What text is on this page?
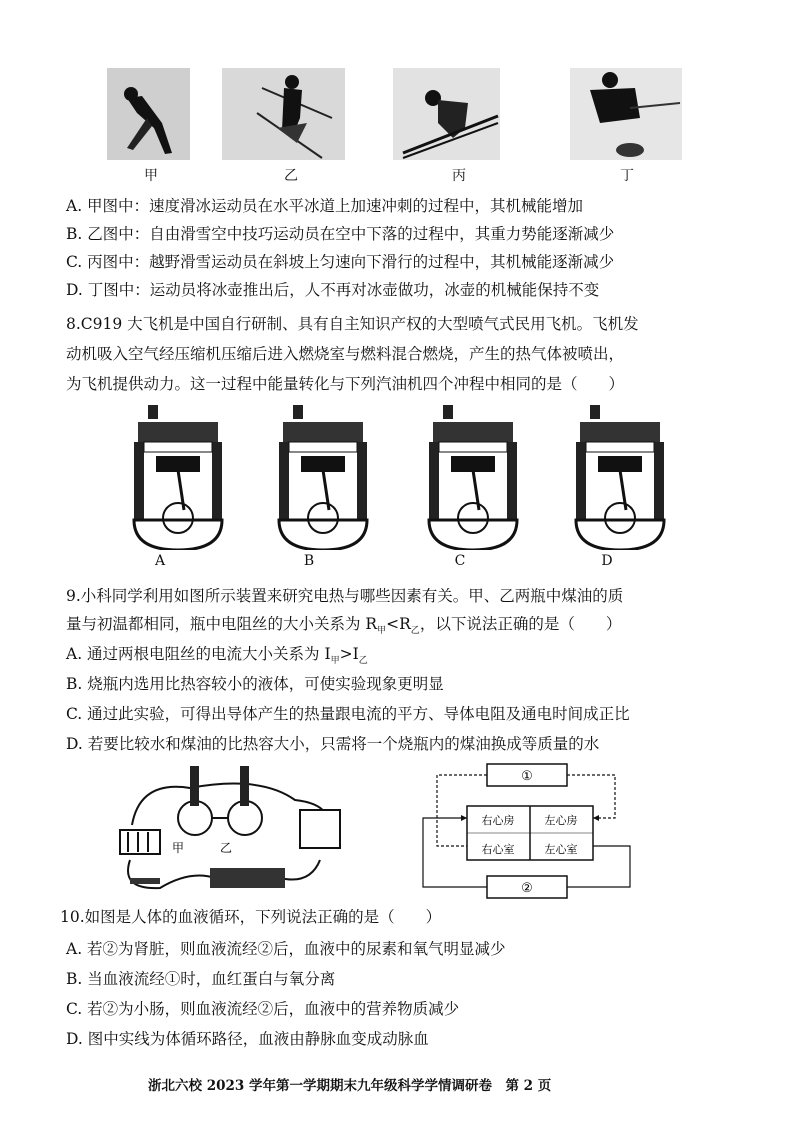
甲	乙	丙	丁
A. 甲图中：速度滑冰运动员在水平冰道上加速冲刺的过程中，其机械能增加
B. 乙图中：自由滑雪空中技巧运动员在空中下落的过程中，其重力势能逐渐减少
C. 丙图中：越野滑雪运动员在斜坡上匀速向下滑行的过程中，其机械能逐渐减少
D. 丁图中：运动员将冰壶推出后，人不再对冰壶做功，冰壶的机械能保持不变
8.C919 大飞机是中国自行研制、具有自主知识产权的大型喷气式民用飞机。飞机发
动机吸入空气经压缩机压缩后进入燃烧室与燃料混合燃烧，产生的热气体被喷出，
为飞机提供动力。这一过程中能量转化与下列汽油机四个冲程中相同的是（　　）
A	B	C	D
9.小科同学利用如图所示装置来研究电热与哪些因素有关。甲、乙两瓶中煤油的质
量与初温都相同，瓶中电阻丝的大小关系为 $R_甲<R_乙$，以下说法正确的是（　　）
A. 通过两根电阻丝的电流大小关系为 $I_甲>I_乙$
B. 烧瓶内选用比热容较小的液体，可使实验现象更明显
C. 通过此实验，可得出导体产生的热量跟电流的平方、导体电阻及通电时间成正比
D. 若要比较水和煤油的比热容大小，只需将一个烧瓶内的煤油换成等质量的水
甲	乙
①
右心房
右心室
左心房
左心室
②
10.如图是人体的血液循环，下列说法正确的是（　　）
A. 若②为肾脏，则血液流经②后，血液中的尿素和氧气明显减少
B. 当血液流经①时，血红蛋白与氧分离
C. 若②为小肠，则血液流经②后，血液中的营养物质减少
D. 图中实线为体循环路径，血液由静脉血变成动脉血
浙北六校 2023 学年第一学期期末九年级科学学情调研卷　第 2 页
